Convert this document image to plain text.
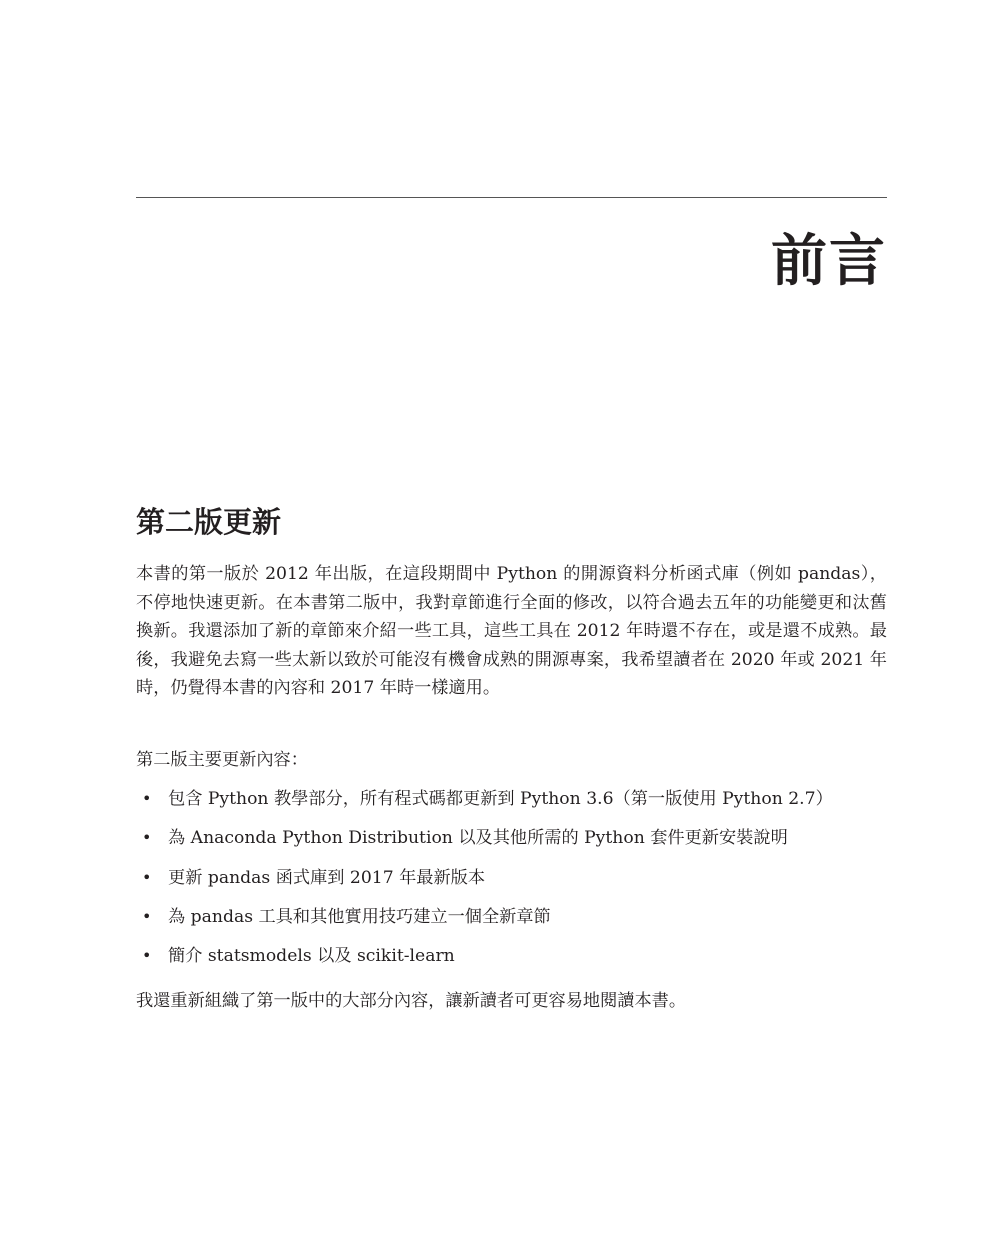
前言
第二版更新

本書的第一版於 2012 年出版，在這段期間中 Python 的開源資料分析函式庫（例如 pandas），不停地快速更新。在本書第二版中，我對章節進行全面的修改，以符合過去五年的功能變更和汰舊換新。我還添加了新的章節來介紹一些工具，這些工具在 2012 年時還不存在，或是還不成熟。最後，我避免去寫一些太新以致於可能沒有機會成熟的開源專案，我希望讀者在 2020 年或 2021 年時，仍覺得本書的內容和 2017 年時一樣適用。

第二版主要更新內容：

• 包含 Python 教學部分，所有程式碼都更新到 Python 3.6（第一版使用 Python 2.7）
• 為 Anaconda Python Distribution 以及其他所需的 Python 套件更新安裝說明
• 更新 pandas 函式庫到 2017 年最新版本
• 為 pandas 工具和其他實用技巧建立一個全新章節
• 簡介 statsmodels 以及 scikit-learn

我還重新組織了第一版中的大部分內容，讓新讀者可更容易地閱讀本書。
